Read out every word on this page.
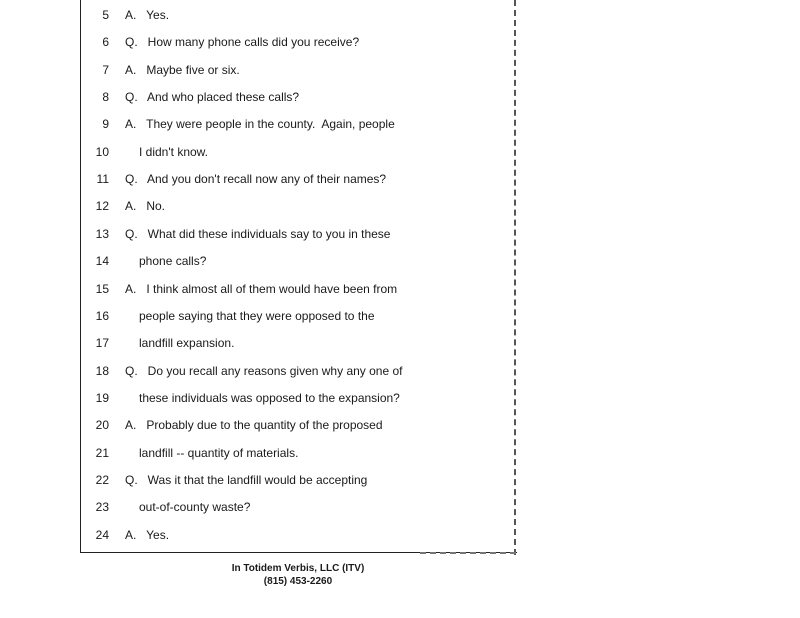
5 A.   Yes.
6 Q.   How many phone calls did you receive?
7 A.   Maybe five or six.
8 Q.   And who placed these calls?
9 A.   They were people in the county.  Again, people
10	I didn't know.
11 Q.   And you don't recall now any of their names?
12 A.   No.
13 Q.   What did these individuals say to you in these
14	phone calls?
15 A.   I think almost all of them would have been from
16	people saying that they were opposed to the
17	landfill expansion.
18 Q.   Do you recall any reasons given why any one of
19	these individuals was opposed to the expansion?
20 A.   Probably due to the quantity of the proposed
21	landfill -- quantity of materials.
22 Q.   Was it that the landfill would be accepting
23	out-of-county waste?
24 A.   Yes.
In Totidem Verbis, LLC (ITV)
(815) 453-2260
